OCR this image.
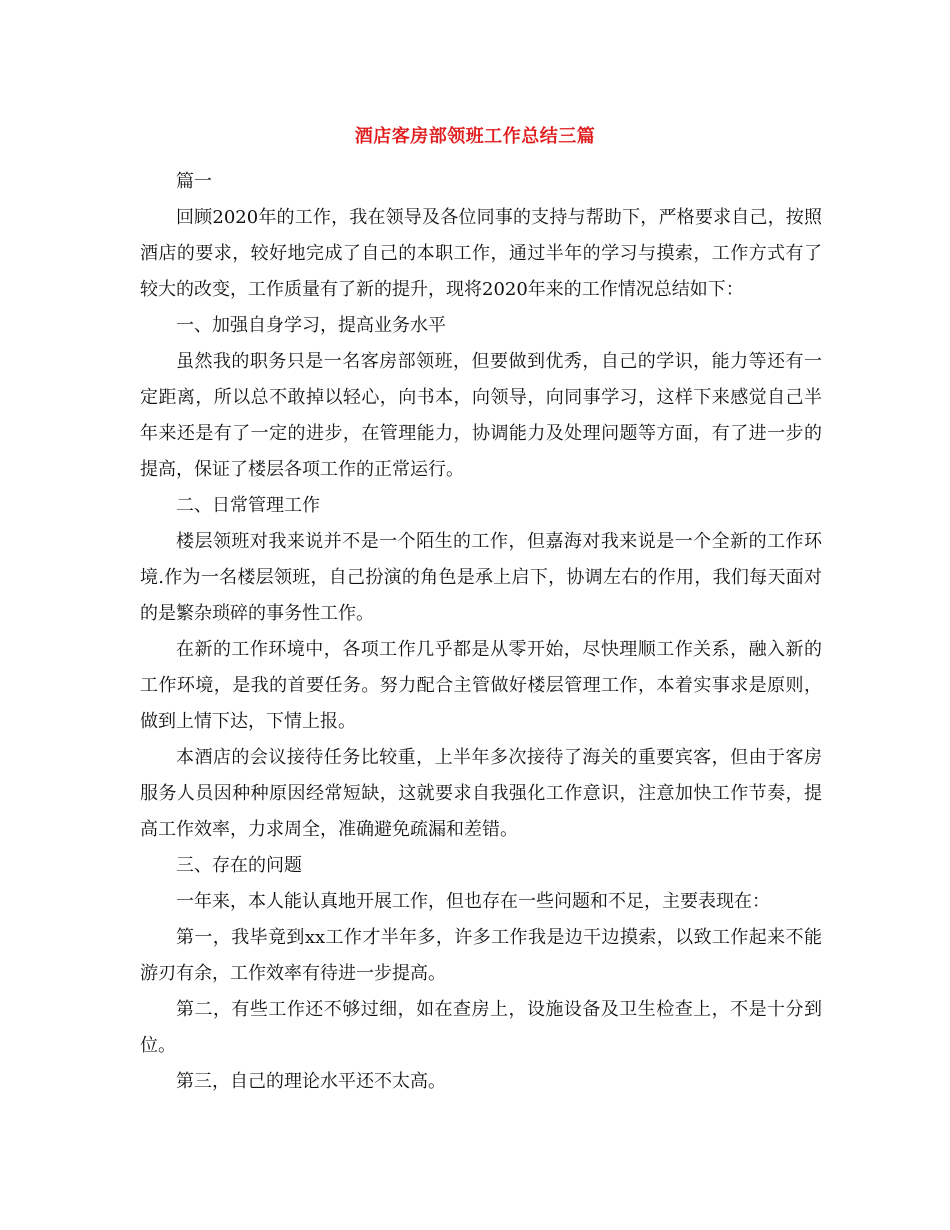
酒店客房部领班工作总结三篇

篇一

回顾2020年的工作，我在领导及各位同事的支持与帮助下，严格要求自己，按照酒店的要求，较好地完成了自己的本职工作，通过半年的学习与摸索，工作方式有了较大的改变，工作质量有了新的提升，现将2020年来的工作情况总结如下：

一、加强自身学习，提高业务水平

虽然我的职务只是一名客房部领班，但要做到优秀，自己的学识，能力等还有一定距离，所以总不敢掉以轻心，向书本，向领导，向同事学习，这样下来感觉自己半年来还是有了一定的进步，在管理能力，协调能力及处理问题等方面，有了进一步的提高，保证了楼层各项工作的正常运行。

二、日常管理工作

楼层领班对我来说并不是一个陌生的工作，但嘉海对我来说是一个全新的工作环境.作为一名楼层领班，自己扮演的角色是承上启下，协调左右的作用，我们每天面对的是繁杂琐碎的事务性工作。

在新的工作环境中，各项工作几乎都是从零开始，尽快理顺工作关系，融入新的工作环境，是我的首要任务。努力配合主管做好楼层管理工作，本着实事求是原则，做到上情下达，下情上报。

本酒店的会议接待任务比较重，上半年多次接待了海关的重要宾客，但由于客房服务人员因种种原因经常短缺，这就要求自我强化工作意识，注意加快工作节奏，提高工作效率，力求周全，准确避免疏漏和差错。

三、存在的问题

一年来，本人能认真地开展工作，但也存在一些问题和不足，主要表现在：

第一，我毕竟到xx工作才半年多，许多工作我是边干边摸索，以致工作起来不能游刃有余，工作效率有待进一步提高。

第二，有些工作还不够过细，如在查房上，设施设备及卫生检查上，不是十分到位。

第三，自己的理论水平还不太高。
